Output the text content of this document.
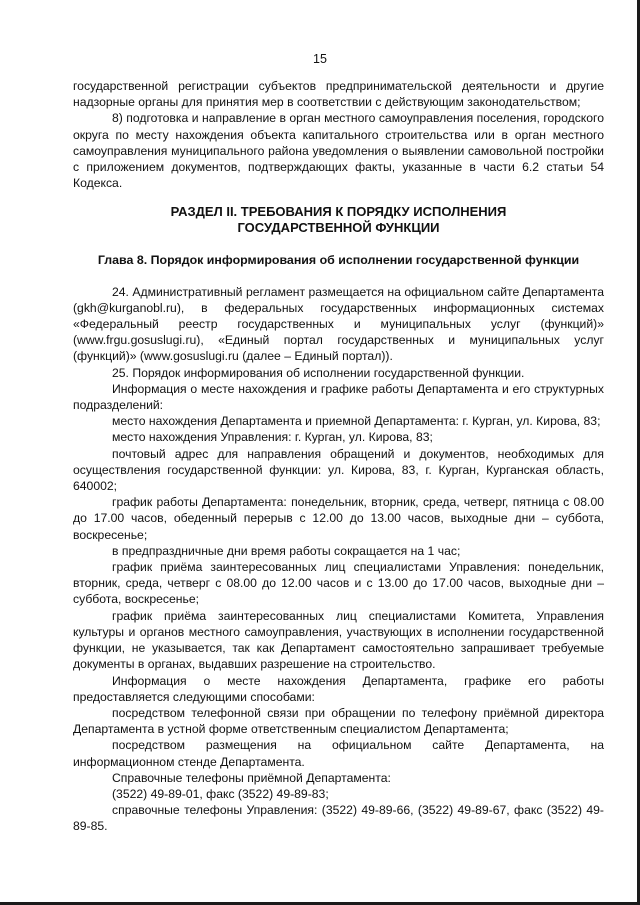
15

государственной регистрации субъектов предпринимательской деятельности и другие надзорные органы для принятия мер в соответствии с действующим законодательством;

8) подготовка и направление в орган местного самоуправления поселения, городского округа по месту нахождения объекта капитального строительства или в орган местного самоуправления муниципального района уведомления о выявлении самовольной постройки с приложением документов, подтверждающих факты, указанные в части 6.2 статьи 54 Кодекса.

РАЗДЕЛ II. ТРЕБОВАНИЯ К ПОРЯДКУ ИСПОЛНЕНИЯ
ГОСУДАРСТВЕННОЙ ФУНКЦИИ

Глава 8. Порядок информирования об исполнении государственной функции

24. Административный регламент размещается на официальном сайте Департамента (gkh@kurganobl.ru), в федеральных государственных информационных системах «Федеральный реестр государственных и муниципальных услуг (функций)» (www.frgu.gosuslugi.ru), «Единый портал государственных и муниципальных услуг (функций)» (www.gosuslugi.ru (далее – Единый портал)).

25. Порядок информирования об исполнении государственной функции.

Информация о месте нахождения и графике работы Департамента и его структурных подразделений:

место нахождения Департамента и приемной Департамента: г. Курган, ул. Кирова, 83;

место нахождения Управления: г. Курган, ул. Кирова, 83;

почтовый адрес для направления обращений и документов, необходимых для осуществления государственной функции: ул. Кирова, 83, г. Курган, Курганская область, 640002;

график работы Департамента: понедельник, вторник, среда, четверг, пятница с 08.00 до 17.00 часов, обеденный перерыв с 12.00 до 13.00 часов, выходные дни – суббота, воскресенье;

в предпраздничные дни время работы сокращается на 1 час;

график приёма заинтересованных лиц специалистами Управления: понедельник, вторник, среда, четверг с 08.00 до 12.00 часов и с 13.00 до 17.00 часов, выходные дни – суббота, воскресенье;

график приёма заинтересованных лиц специалистами Комитета, Управления культуры и органов местного самоуправления, участвующих в исполнении государственной функции, не указывается, так как Департамент самостоятельно запрашивает требуемые документы в органах, выдавших разрешение на строительство.

Информация о месте нахождения Департамента, графике его работы предоставляется следующими способами:

посредством телефонной связи при обращении по телефону приёмной директора Департамента в устной форме ответственным специалистом Департамента;

посредством размещения на официальном сайте Департамента, на информационном стенде Департамента.

Справочные телефоны приёмной Департамента:

(3522) 49-89-01, факс (3522) 49-89-83;

справочные телефоны Управления: (3522) 49-89-66, (3522) 49-89-67, факс (3522) 49-89-85.
